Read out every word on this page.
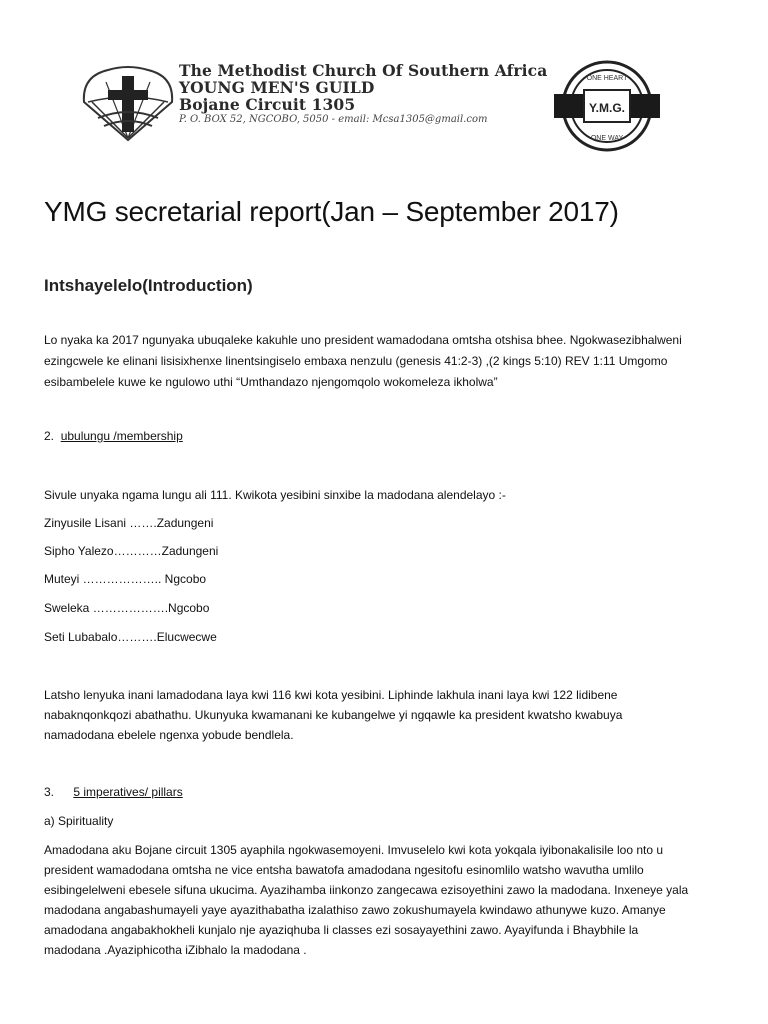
The Methodist Church Of Southern Africa
YOUNG MEN'S GUILD
Bojane Circuit 1305
P. O. BOX 52, NGCOBO, 5050 - email: Mcsa1305@gmail.com
Y.M.G.
ONE HEART
ONE WAY
YMG secretarial report(Jan – September 2017)
Intshayelelo(Introduction)

Lo nyaka ka 2017 ngunyaka ubuqaleke kakuhle uno president wamadodana omtsha otshisa bhee. Ngokwasezibhalweni

ezingcwele ke elinani lisisixhenxe linentsingiselo embaxa nenzulu (genesis 41:2-3) ,(2 kings 5:10) REV 1:11 Umgomo

esibambelele kuwe ke ngulowo uthi “Umthandazo njengomqolo wokomeleza ikholwa”

2. ubulungu /membership

Sivule unyaka ngama lungu ali 111. Kwikota yesibini sinxibe la madodana alendelayo :-

Zinyusile Lisani …….Zadungeni

Sipho Yalezo…………Zadungeni

Muteyi ……………….. Ngcobo

Sweleka ……………….Ngcobo

Seti Lubabalo……….Elucwecwe

Latsho lenyuka inani lamadodana laya kwi 116 kwi kota yesibini. Liphinde lakhula inani laya kwi 122 lidibene

nabaknqonkqozi abathathu. Ukunyuka kwamanani ke kubangelwe yi ngqawle ka president kwatsho kwabuya

namadodana ebelele ngenxa yobude bendlela.

3. 5 imperatives/ pillars

a) Spirituality

Amadodana aku Bojane circuit 1305 ayaphila ngokwasemoyeni. Imvuselelo kwi kota yokqala iyibonakalisile loo nto u

president wamadodana omtsha ne vice entsha bawatofa amadodana ngesitofu esinomlilo watsho wavutha umlilo

esibingelelweni ebesele sifuna ukucima. Ayazihamba iinkonzo zangecawa ezisoyethini zawo la madodana. Inxeneye yala

madodana angabashumayeli yaye ayazithabatha izalathiso zawo zokushumayela kwindawo athunywe kuzo. Amanye

amadodana angabakhokheli kunjalo nje ayaziqhuba li classes ezi sosayayethini zawo. Ayayifunda i Bhaybhile la

madodana .Ayaziphicotha iZibhalo la madodana .
